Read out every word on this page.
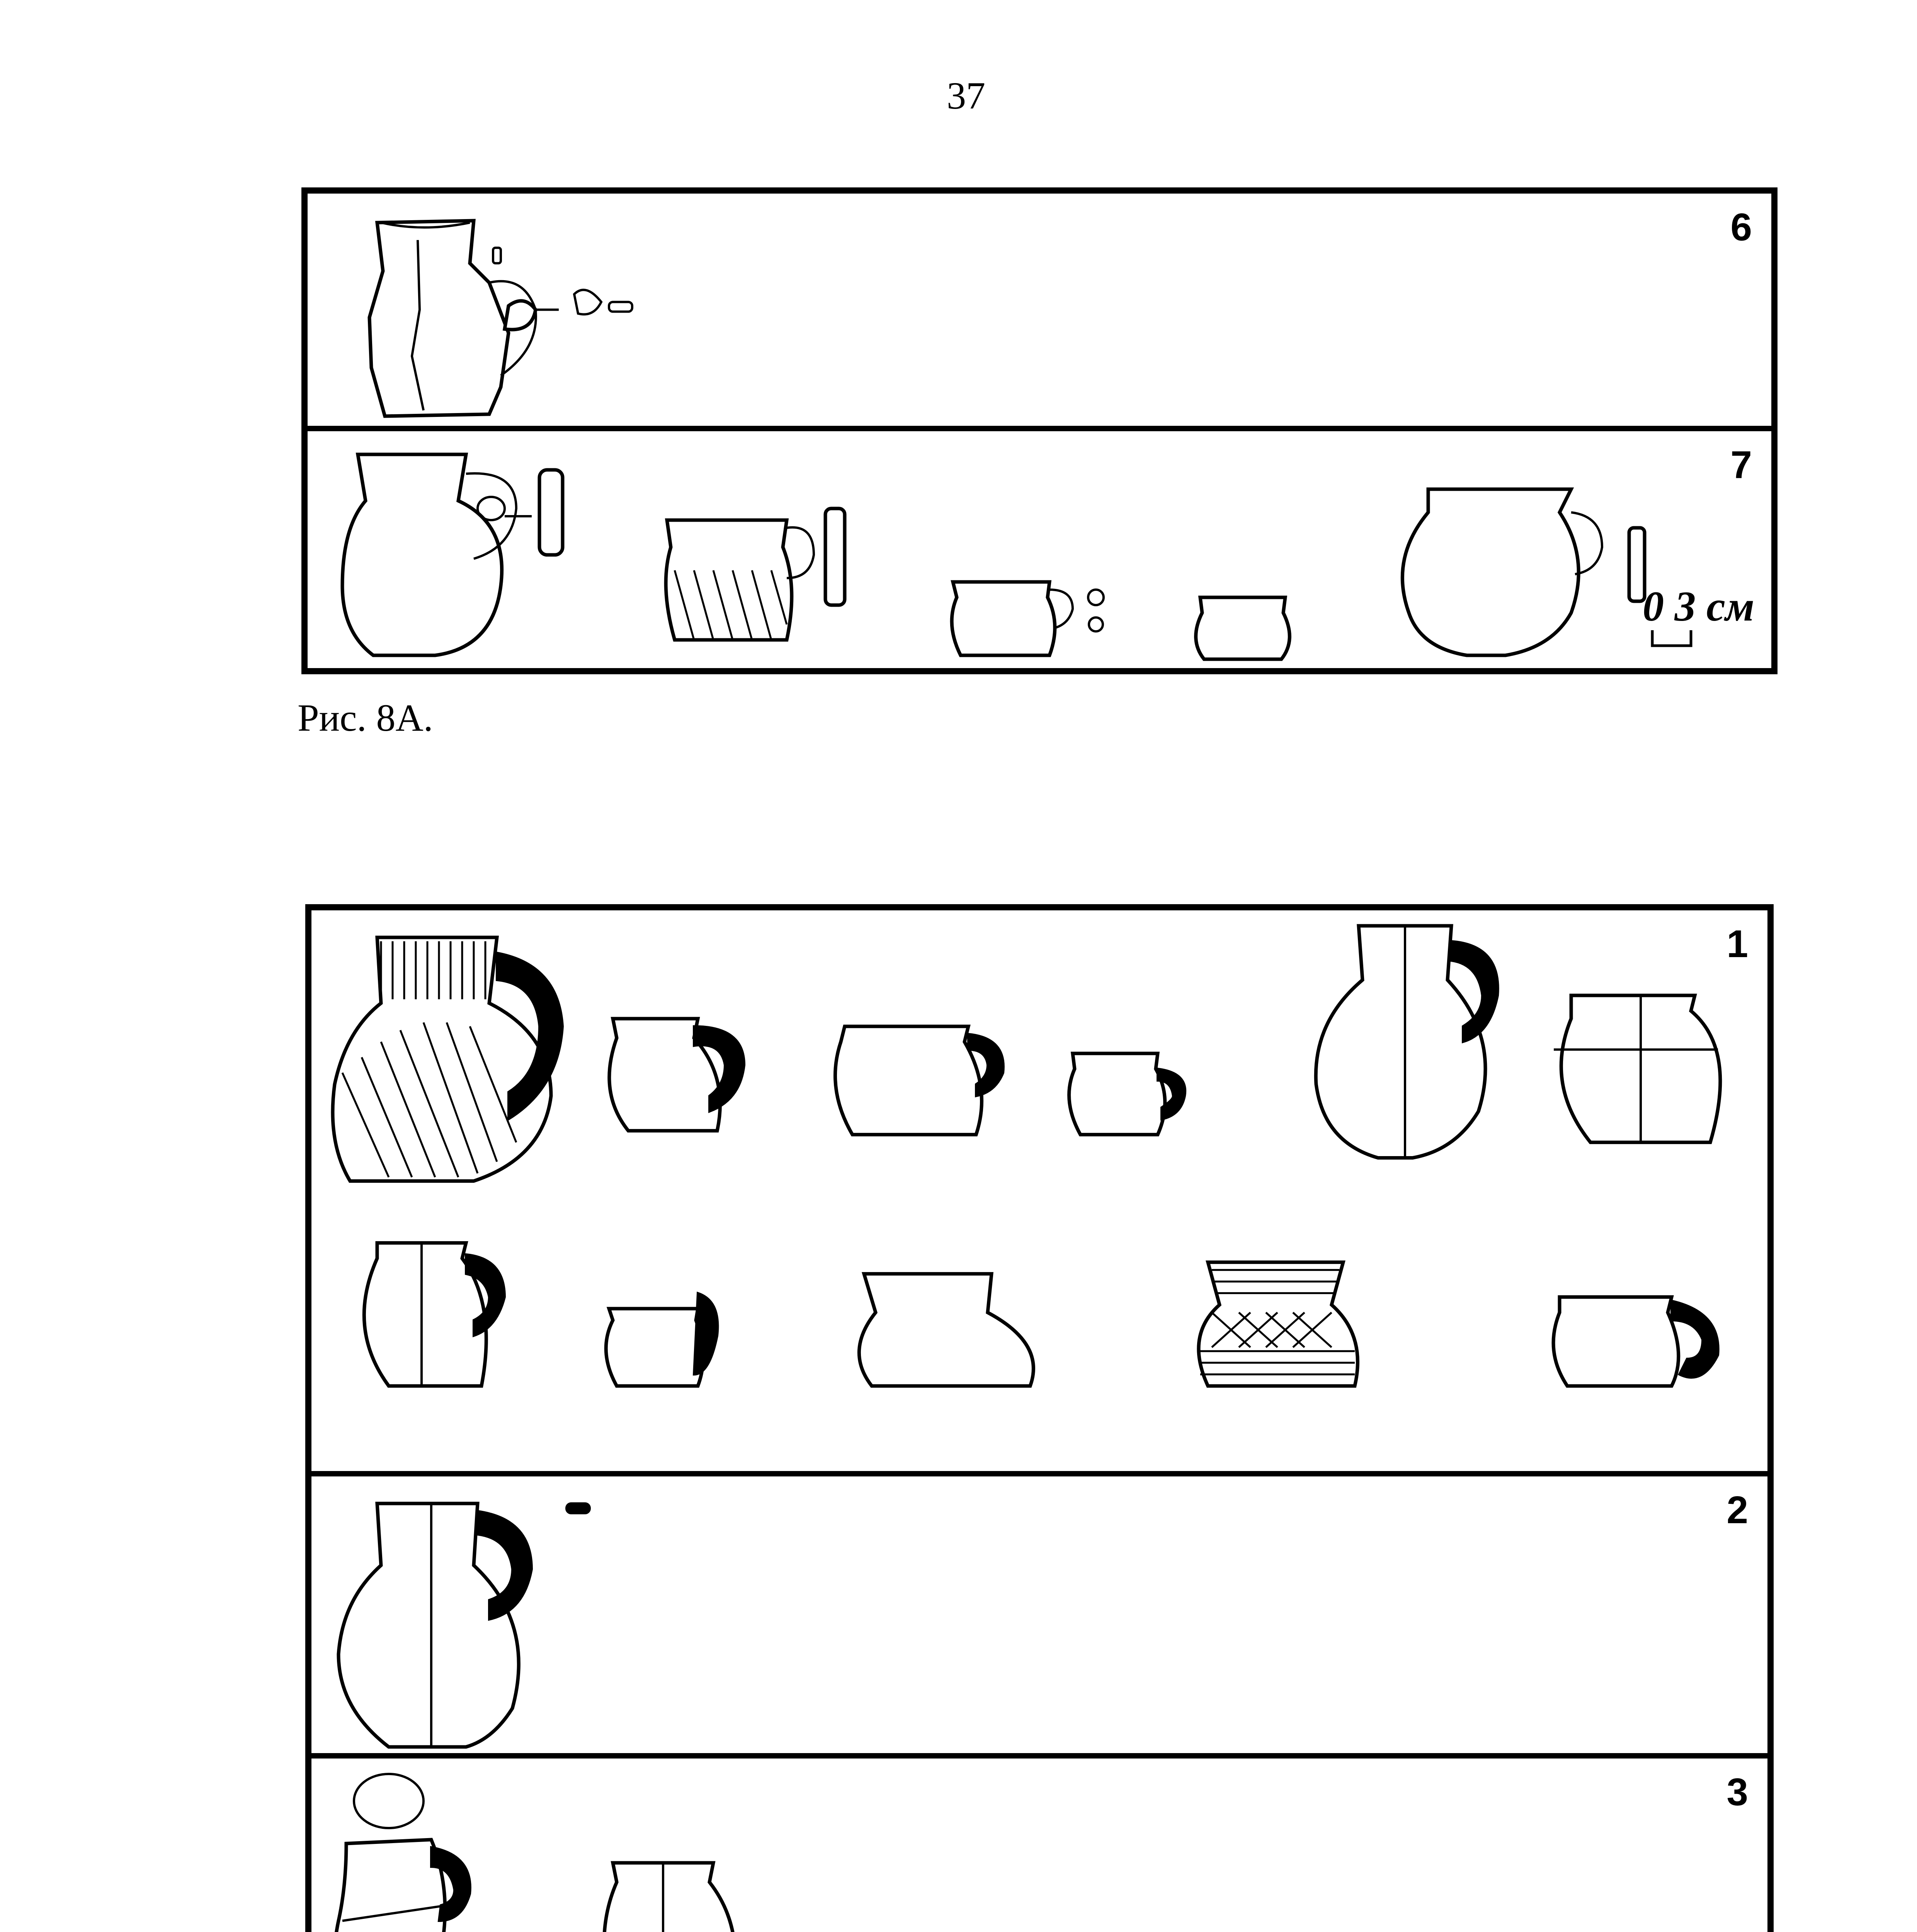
37
6
7
0 3 см
Рис. 8А.
1
2
3
